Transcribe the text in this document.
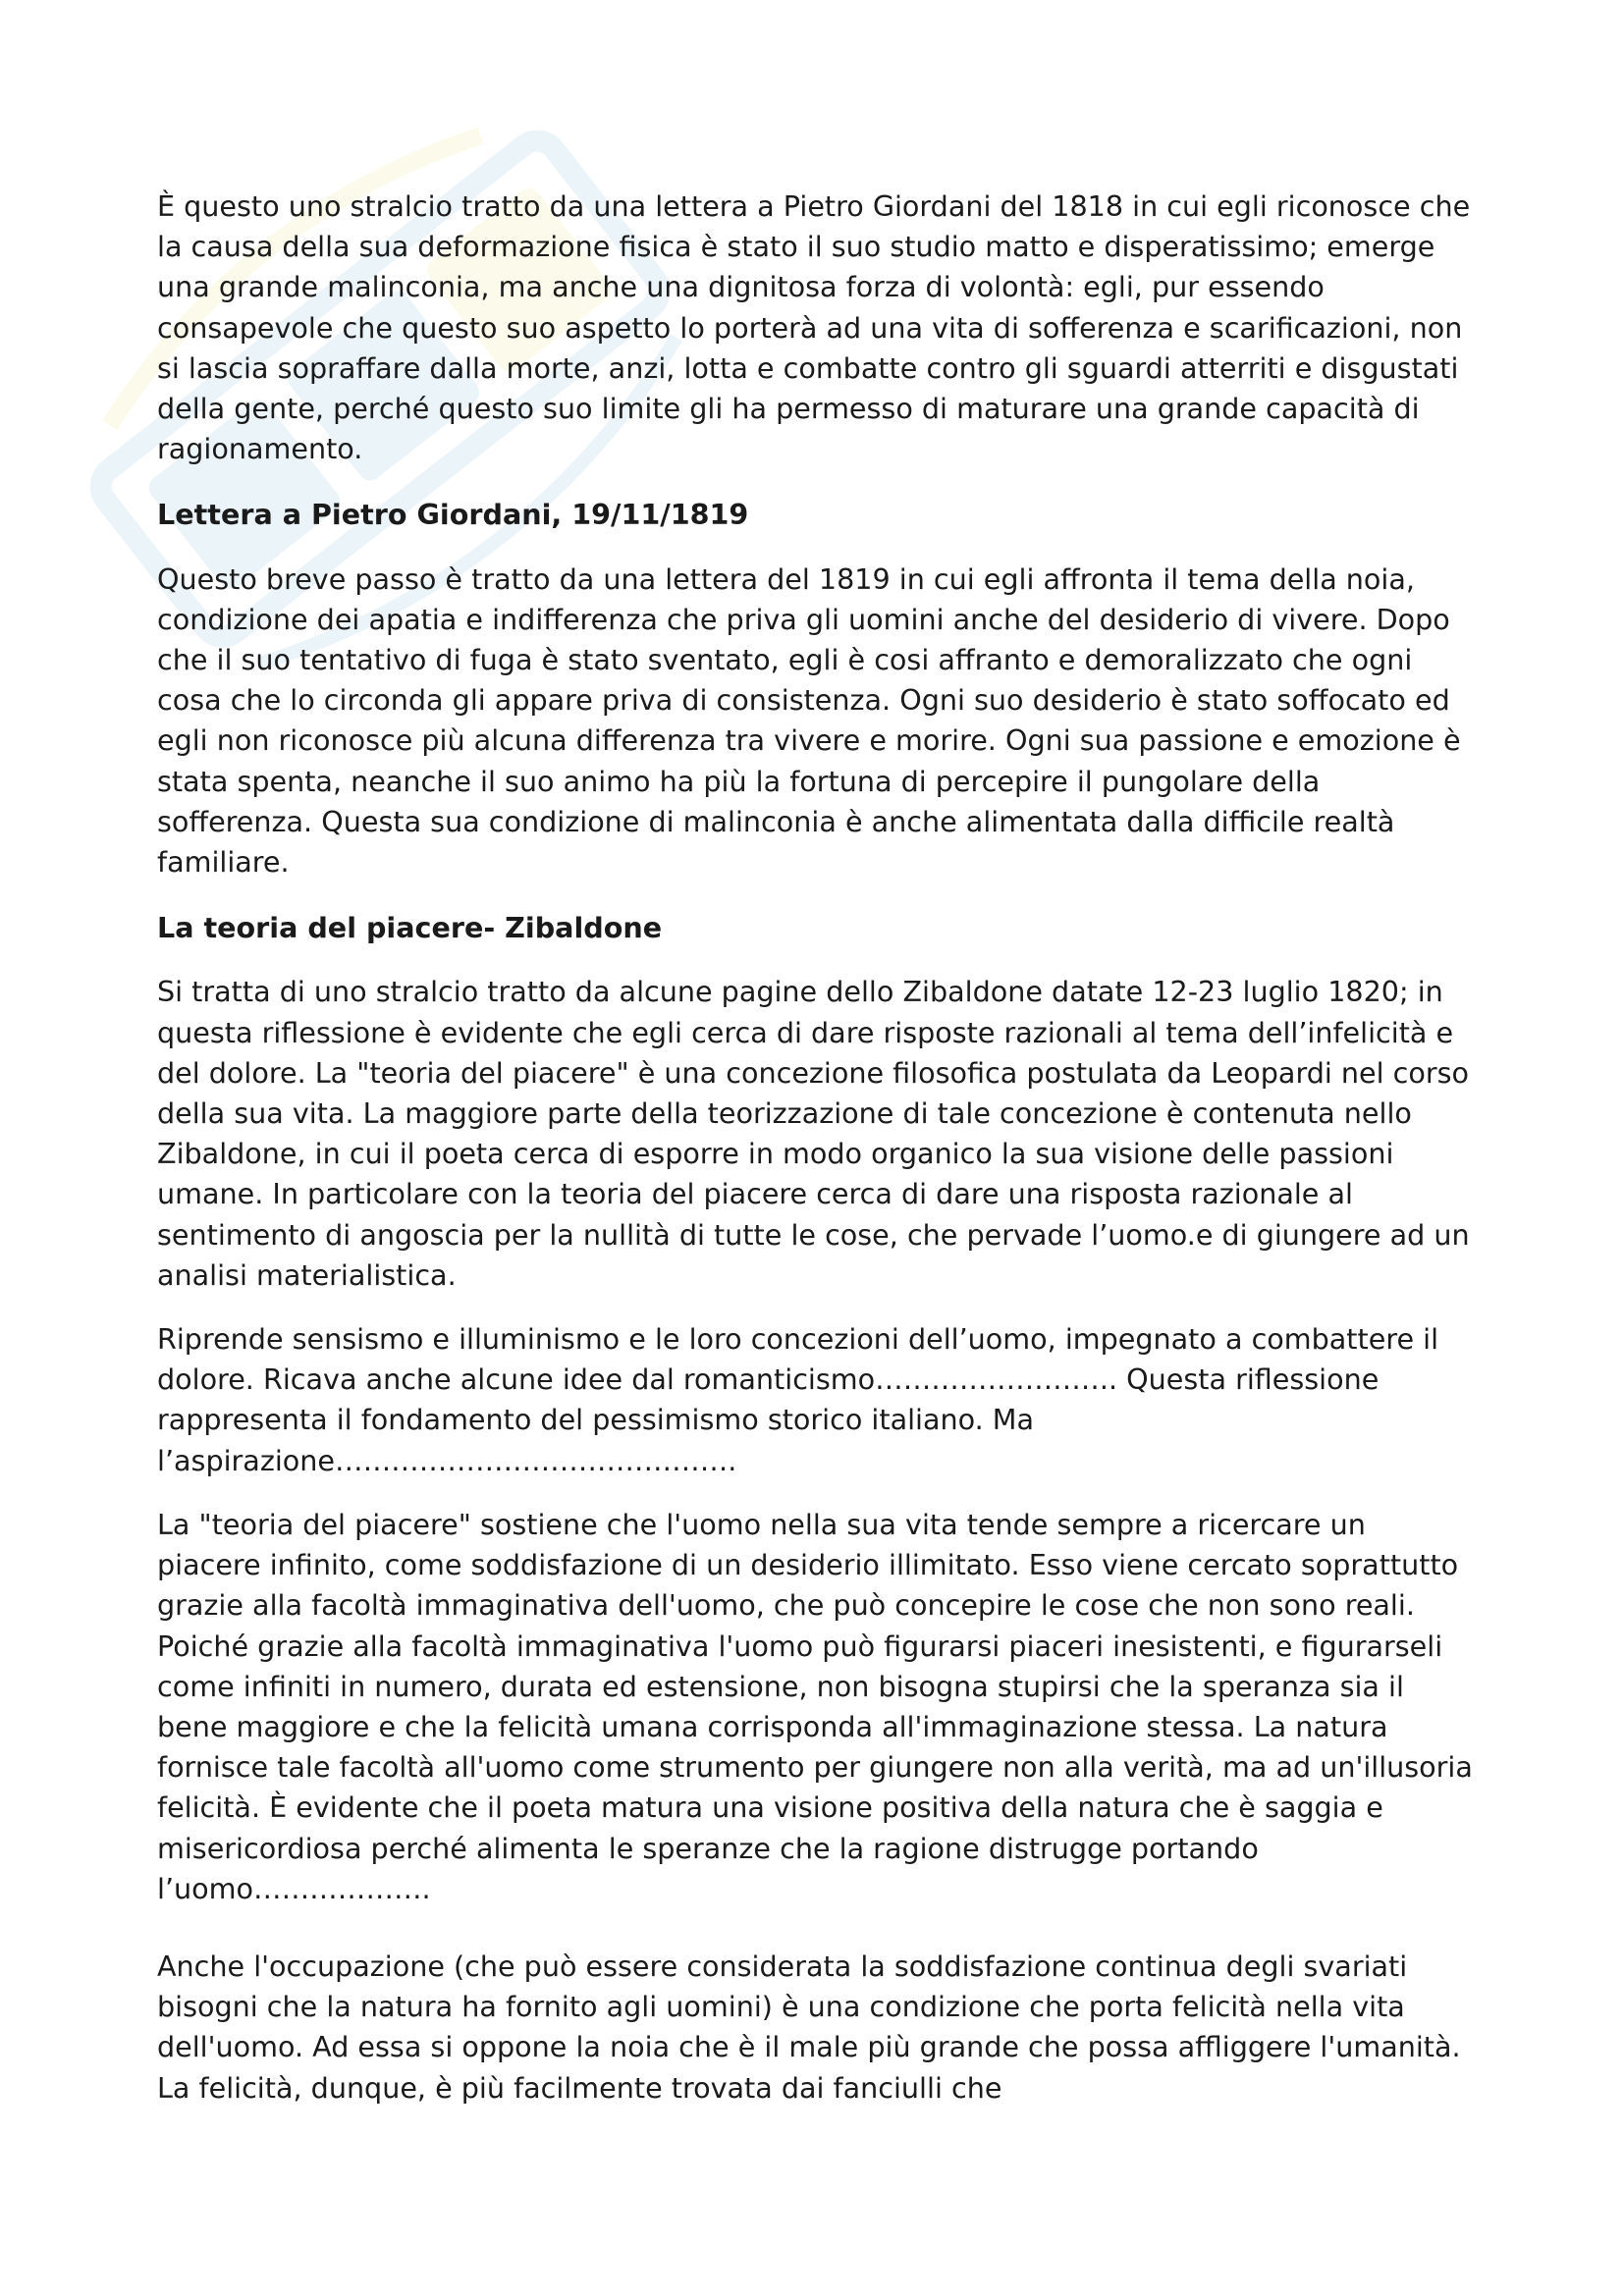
È questo uno stralcio tratto da una lettera a Pietro Giordani del 1818 in cui egli riconosce che la causa della sua deformazione fisica è stato il suo studio matto e disperatissimo; emerge una grande malinconia, ma anche una dignitosa forza di volontà: egli, pur essendo consapevole che questo suo aspetto lo porterà ad una vita di sofferenza e scarificazioni, non si lascia sopraffare dalla morte, anzi, lotta e combatte contro gli sguardi atterriti e disgustati della gente, perché questo suo limite gli ha permesso di maturare una grande capacità di ragionamento.

Lettera a Pietro Giordani, 19/11/1819

Questo breve passo è tratto da una lettera del 1819 in cui egli affronta il tema della noia, condizione dei apatia e indifferenza che priva gli uomini anche del desiderio di vivere. Dopo che il suo tentativo di fuga è stato sventato, egli è cosi affranto e demoralizzato che ogni cosa che lo circonda gli appare priva di consistenza. Ogni suo desiderio è stato soffocato ed egli non riconosce più alcuna differenza tra vivere e morire. Ogni sua passione e emozione è stata spenta, neanche il suo animo ha più la fortuna di percepire il pungolare della sofferenza. Questa sua condizione di malinconia è anche alimentata dalla difficile realtà familiare.

La teoria del piacere- Zibaldone

Si tratta di uno stralcio tratto da alcune pagine dello Zibaldone datate 12-23 luglio 1820; in questa riflessione è evidente che egli cerca di dare risposte razionali al tema dell’infelicità e del dolore. La "teoria del piacere" è una concezione filosofica postulata da Leopardi nel corso della sua vita. La maggiore parte della teorizzazione di tale concezione è contenuta nello Zibaldone, in cui il poeta cerca di esporre in modo organico la sua visione delle passioni umane. In particolare con la teoria del piacere cerca di dare una risposta razionale al sentimento di angoscia per la nullità di tutte le cose, che pervade l’uomo.e di giungere ad un analisi materialistica.

Riprende sensismo e illuminismo e le loro concezioni dell’uomo, impegnato a combattere il dolore. Ricava anche alcune idee dal romanticismo…………………….. Questa riflessione rappresenta il fondamento del pessimismo storico italiano. Ma l’aspirazione…………………………………….

La "teoria del piacere" sostiene che l'uomo nella sua vita tende sempre a ricercare un piacere infinito, come soddisfazione di un desiderio illimitato. Esso viene cercato soprattutto grazie alla facoltà immaginativa dell'uomo, che può concepire le cose che non sono reali. Poiché grazie alla facoltà immaginativa l'uomo può figurarsi piaceri inesistenti, e figurarseli come infiniti in numero, durata ed estensione, non bisogna stupirsi che la speranza sia il bene maggiore e che la felicità umana corrisponda all'immaginazione stessa. La natura fornisce tale facoltà all'uomo come strumento per giungere non alla verità, ma ad un'illusoria felicità. È evidente che il poeta matura una visione positiva della natura che è saggia e misericordiosa perché alimenta le speranze che la ragione distrugge portando l’uomo……………….

Anche l'occupazione (che può essere considerata la soddisfazione continua degli svariati bisogni che la natura ha fornito agli uomini) è una condizione che porta felicità nella vita dell'uomo. Ad essa si oppone la noia che è il male più grande che possa affliggere l'umanità. La felicità, dunque, è più facilmente trovata dai fanciulli che
